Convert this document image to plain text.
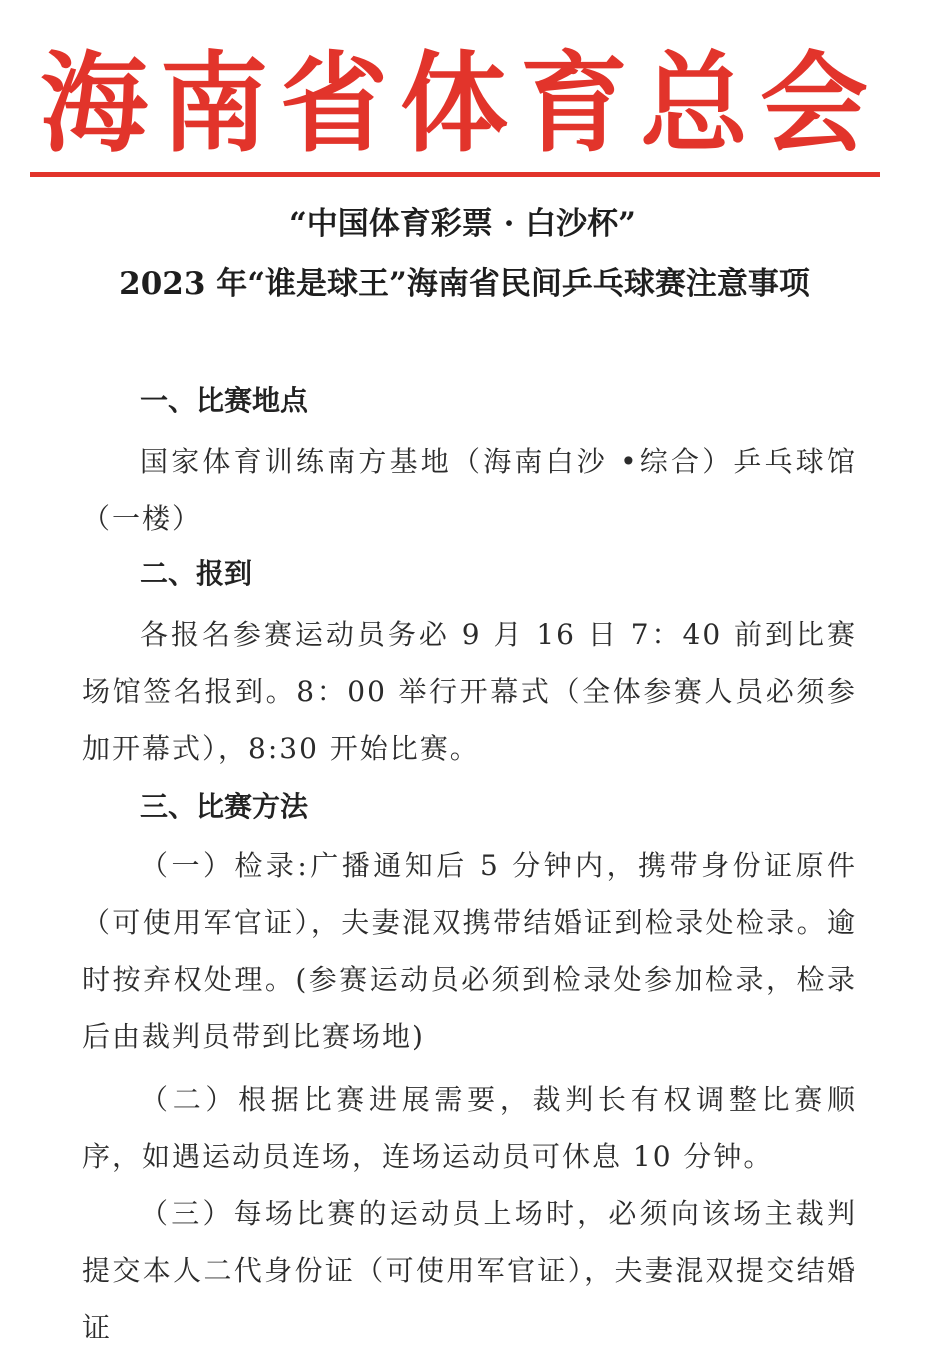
海南省体育总会
“中国体育彩票 · 白沙杯”
2023 年“谁是球王”海南省民间乒乓球赛注意事项
一、比赛地点
国家体育训练南方基地（海南白沙 •综合）乒乓球馆（一楼）
二、报到
各报名参赛运动员务必 9 月 16 日 7：40 前到比赛场馆签名报到。8：00 举行开幕式（全体参赛人员必须参加开幕式），8:30 开始比赛。
三、比赛方法
（一）检录:广播通知后 5 分钟内，携带身份证原件（可使用军官证），夫妻混双携带结婚证到检录处检录。逾时按弃权处理。(参赛运动员必须到检录处参加检录，检录后由裁判员带到比赛场地)
（二）根据比赛进展需要，裁判长有权调整比赛顺序，如遇运动员连场，连场运动员可休息 10 分钟。
（三）每场比赛的运动员上场时，必须向该场主裁判提交本人二代身份证（可使用军官证），夫妻混双提交结婚证
